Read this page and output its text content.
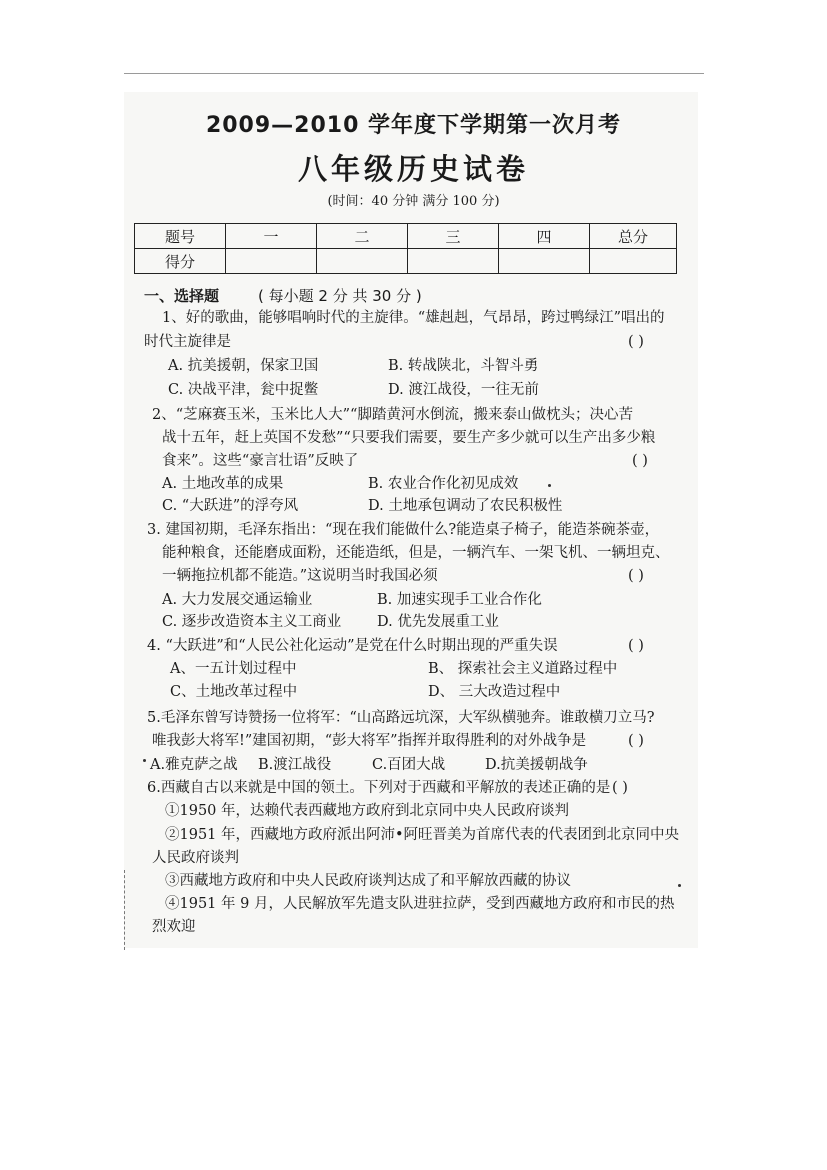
2009—2010 学年度下学期第一次月考
八年级历史试卷
(时间：40 分钟 满分 100 分)
题号	一	二	三	四	总分
得分					
一、选择题	( 每小题 2 分 共 30 分 )
1、好的歌曲，能够唱响时代的主旋律。“雄赳赳，气昂昂，跨过鸭绿江”唱出的
时代主旋律是	( )
A. 抗美援朝，保家卫国	B. 转战陕北，斗智斗勇
C. 决战平津，瓮中捉鳖	D. 渡江战役，一往无前
2、“芝麻赛玉米，玉米比人大”“脚踏黄河水倒流，搬来泰山做枕头；决心苦
战十五年，赶上英国不发愁”“只要我们需要，要生产多少就可以生产出多少粮
食来”。这些“豪言壮语”反映了	( )
A. 土地改革的成果	B. 农业合作化初见成效
C. “大跃进”的浮夸风	D. 土地承包调动了农民积极性
3. 建国初期，毛泽东指出：“现在我们能做什么?能造桌子椅子，能造茶碗茶壶，
能种粮食，还能磨成面粉，还能造纸，但是，一辆汽车、一架飞机、一辆坦克、
一辆拖拉机都不能造。”这说明当时我国必须	( )
A. 大力发展交通运输业	B. 加速实现手工业合作化
C. 逐步改造资本主义工商业 D. 优先发展重工业
4. “大跃进”和“人民公社化运动”是党在什么时期出现的严重失误	( )
A、一五计划过程中	B、 探索社会主义道路过程中
C、土地改革过程中	D、 三大改造过程中
5.毛泽东曾写诗赞扬一位将军：“山高路远坑深，大军纵横驰奔。谁敢横刀立马?
唯我彭大将军!”建国初期，“彭大将军”指挥并取得胜利的对外战争是	( )
A.雅克萨之战 B.渡江战役	C.百团大战	D.抗美援朝战争
6.西藏自古以来就是中国的领土。下列对于西藏和平解放的表述正确的是 ( )
①1950 年，达赖代表西藏地方政府到北京同中央人民政府谈判
②1951 年，西藏地方政府派出阿沛•阿旺晋美为首席代表的代表团到北京同中央
人民政府谈判
③西藏地方政府和中央人民政府谈判达成了和平解放西藏的协议
④1951 年 9 月，人民解放军先遣支队进驻拉萨，受到西藏地方政府和市民的热
烈欢迎
